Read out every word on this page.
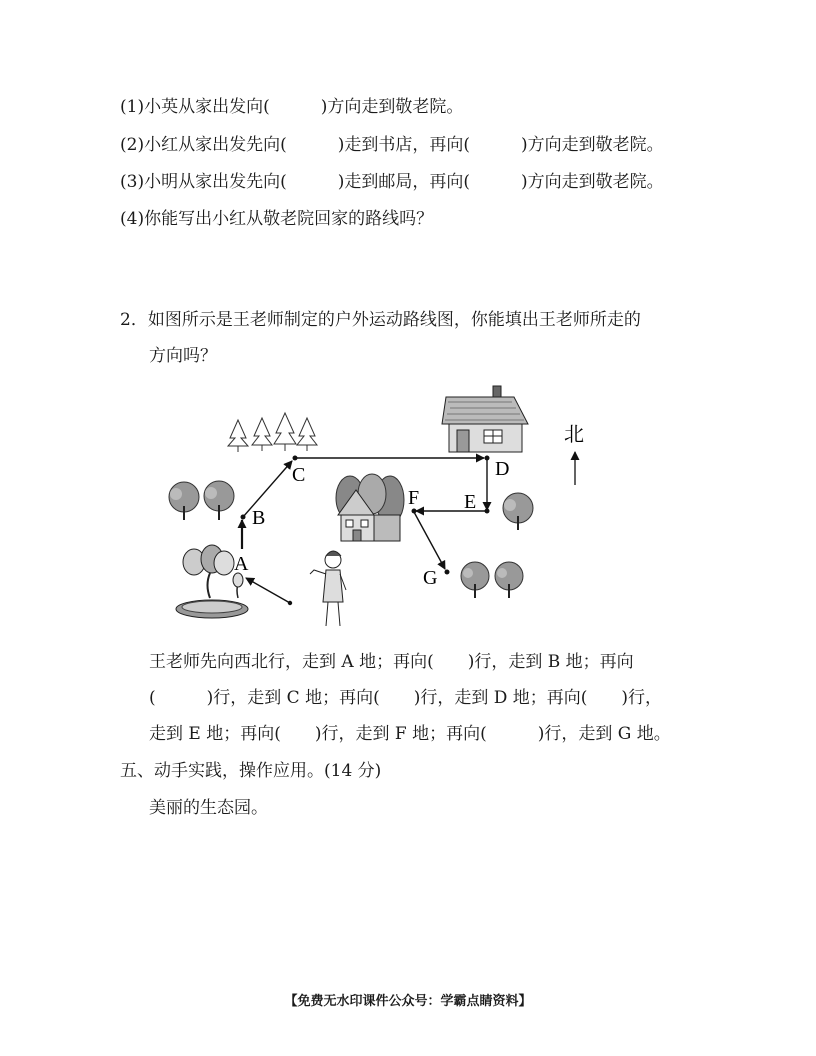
(1)小英从家出发向(　　　)方向走到敬老院。
(2)小红从家出发先向(　　　)走到书店，再向(　　　)方向走到敬老院。
(3)小明从家出发先向(　　　)走到邮局，再向(　　　)方向走到敬老院。
(4)你能写出小红从敬老院回家的路线吗？
2．如图所示是王老师制定的户外运动路线图，你能填出王老师所走的
方向吗？
北
A
B
C	D
E
F
G
王老师先向西北行，走到 A 地；再向(　　)行，走到 B 地；再向
(　　　)行，走到 C 地；再向(　　)行，走到 D 地；再向(　　)行，
走到 E 地；再向(　　)行，走到 F 地；再向(　　　)行，走到 G 地。
五、动手实践，操作应用。(14 分)
美丽的生态园。
【免费无水印课件公众号：学霸点睛资料】
